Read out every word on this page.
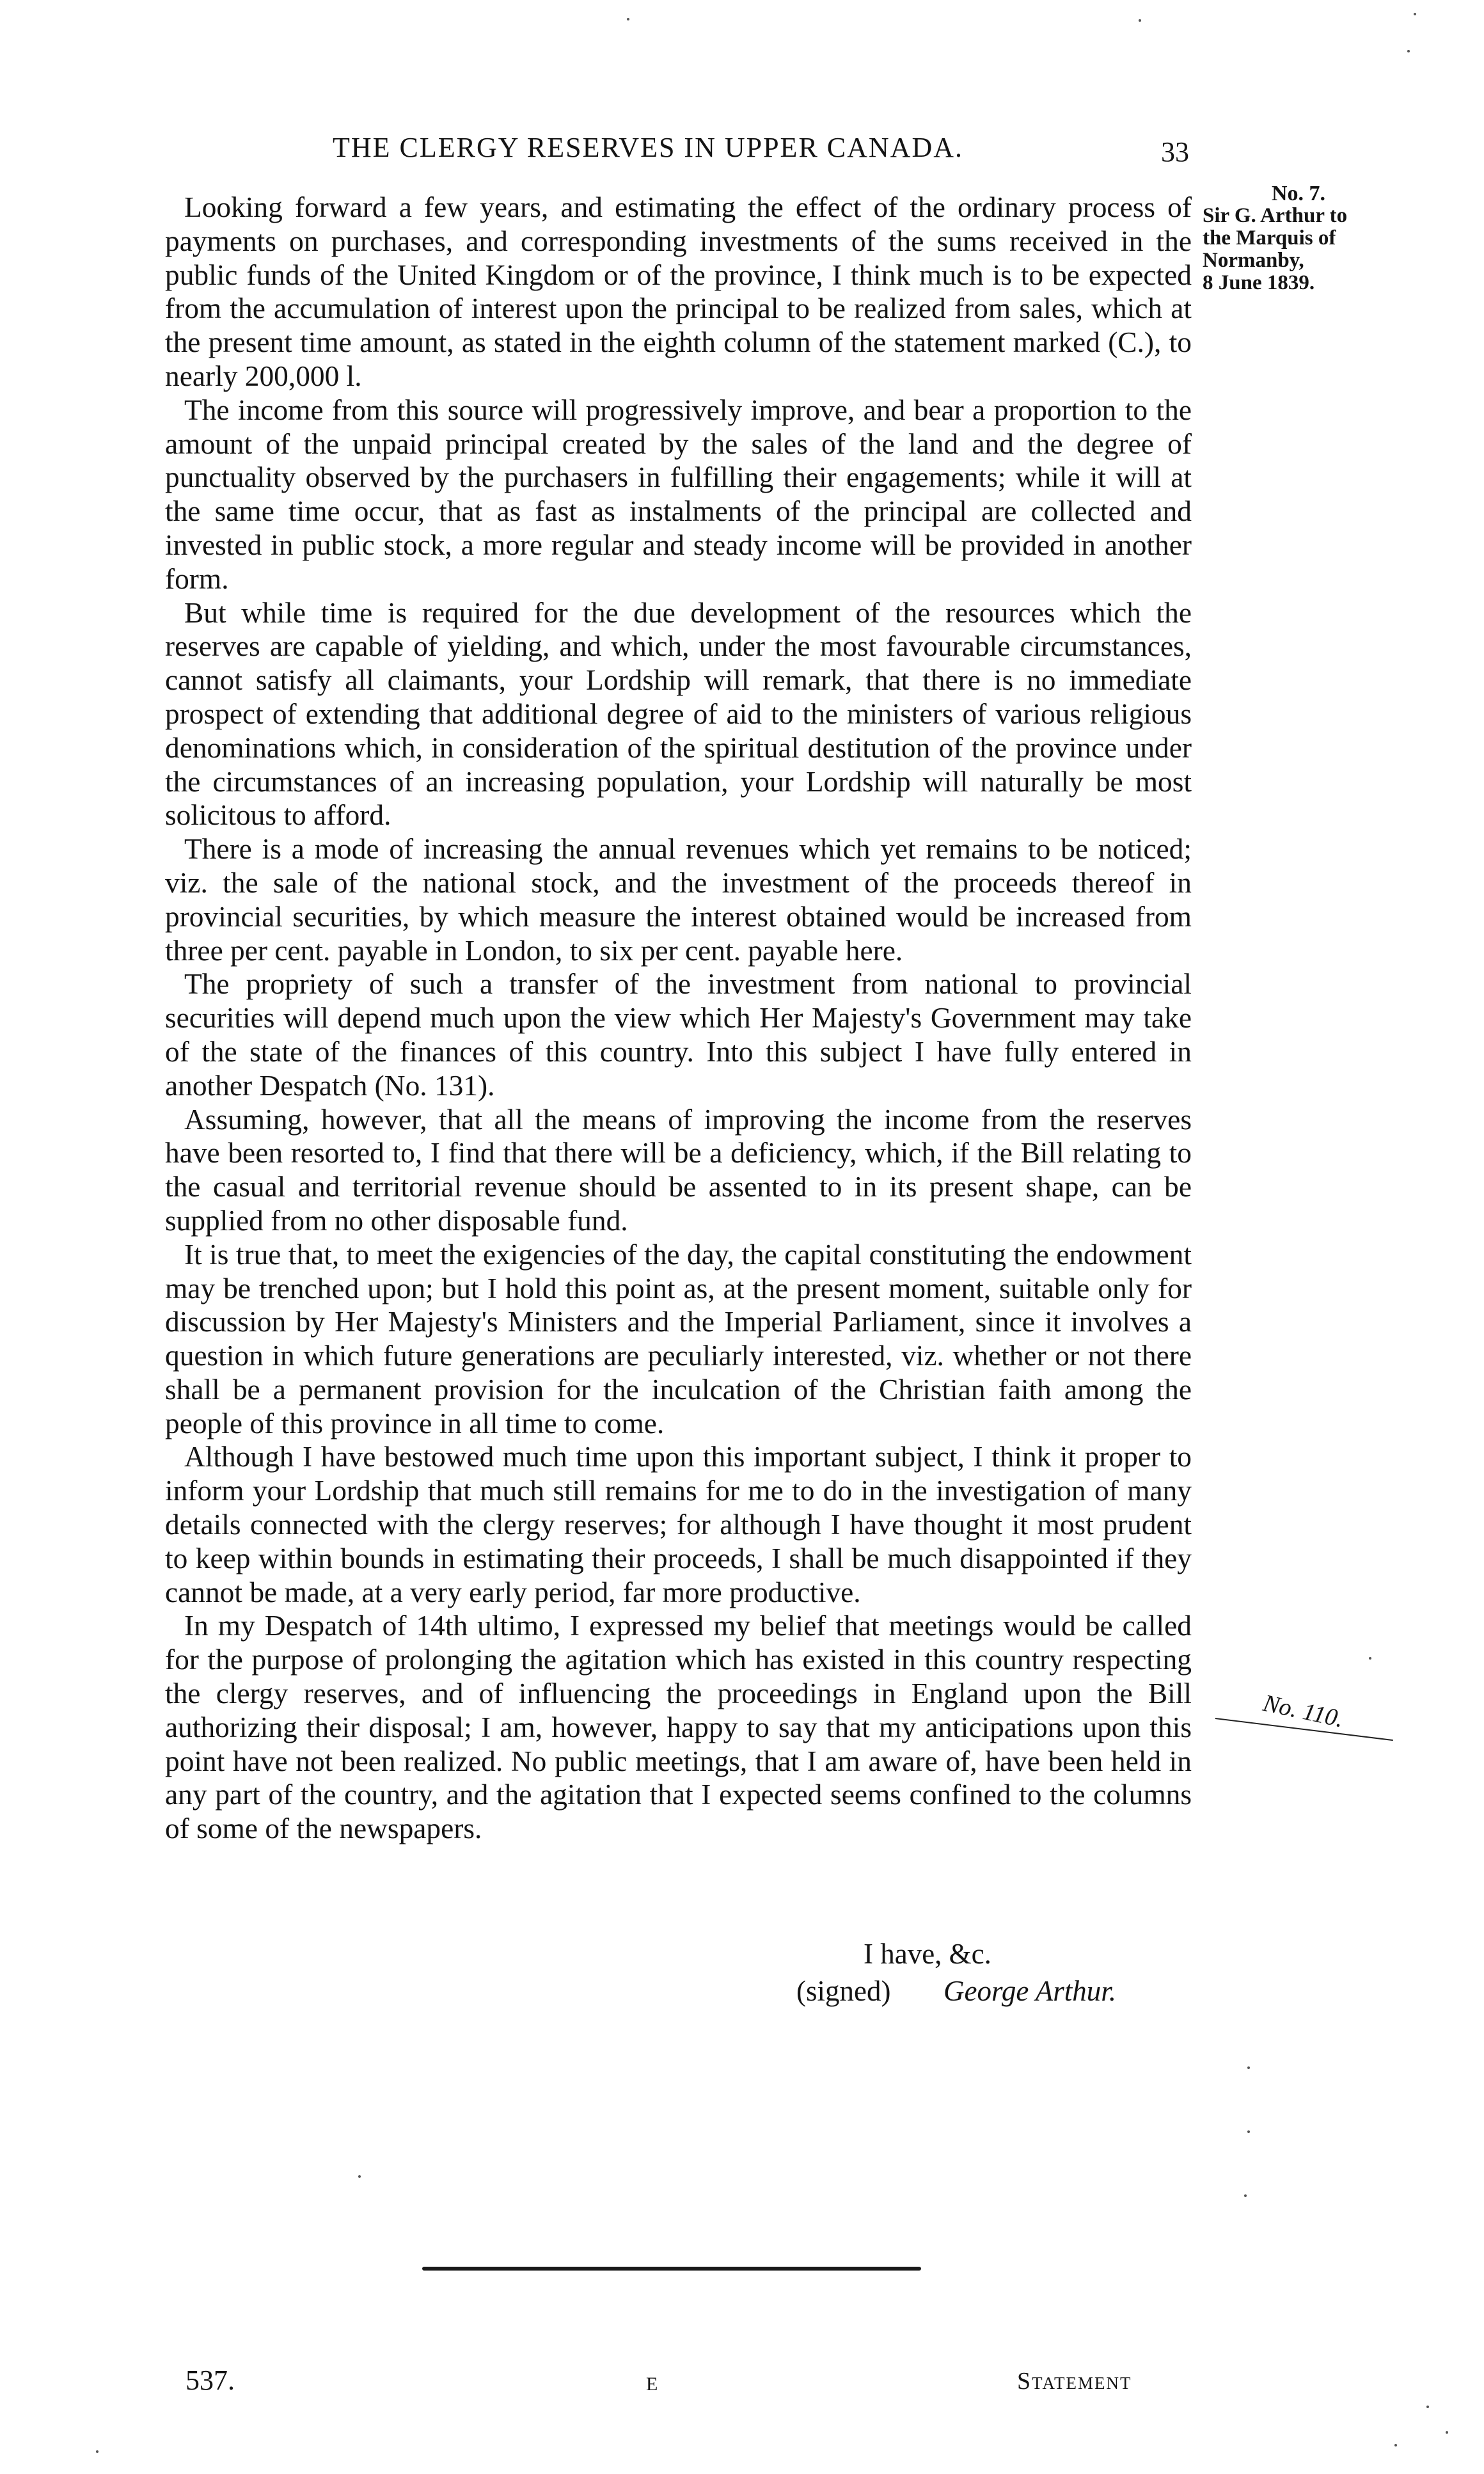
THE CLERGY RESERVES IN UPPER CANADA.	33
No. 7.
Sir G. Arthur to
the Marquis of
Normanby,
8 June 1839.

Looking forward a few years, and estimating the effect of the ordinary process of payments on purchases, and corresponding investments of the sums received in the public funds of the United Kingdom or of the province, I think much is to be expected from the accumulation of interest upon the principal to be realized from sales, which at the present time amount, as stated in the eighth column of the statement marked (C.), to nearly 200,000 l.

The income from this source will progressively improve, and bear a proportion to the amount of the unpaid principal created by the sales of the land and the degree of punctuality observed by the purchasers in fulfilling their engagements; while it will at the same time occur, that as fast as instalments of the principal are collected and invested in public stock, a more regular and steady income will be provided in another form.

But while time is required for the due development of the resources which the reserves are capable of yielding, and which, under the most favourable circumstances, cannot satisfy all claimants, your Lordship will remark, that there is no immediate prospect of extending that additional degree of aid to the ministers of various religious denominations which, in consideration of the spiritual destitution of the province under the circumstances of an increasing population, your Lordship will naturally be most solicitous to afford.

There is a mode of increasing the annual revenues which yet remains to be noticed; viz. the sale of the national stock, and the investment of the proceeds thereof in provincial securities, by which measure the interest obtained would be increased from three per cent. payable in London, to six per cent. payable here.

The propriety of such a transfer of the investment from national to provincial securities will depend much upon the view which Her Majesty's Government may take of the state of the finances of this country. Into this subject I have fully entered in another Despatch (No. 131).

Assuming, however, that all the means of improving the income from the reserves have been resorted to, I find that there will be a deficiency, which, if the Bill relating to the casual and territorial revenue should be assented to in its present shape, can be supplied from no other disposable fund.

It is true that, to meet the exigencies of the day, the capital constituting the endowment may be trenched upon; but I hold this point as, at the present moment, suitable only for discussion by Her Majesty's Ministers and the Imperial Parliament, since it involves a question in which future generations are peculiarly interested, viz. whether or not there shall be a permanent provision for the inculcation of the Christian faith among the people of this province in all time to come.

Although I have bestowed much time upon this important subject, I think it proper to inform your Lordship that much still remains for me to do in the investigation of many details connected with the clergy reserves; for although I have thought it most prudent to keep within bounds in estimating their proceeds, I shall be much disappointed if they cannot be made, at a very early period, far more productive.

In my Despatch of 14th ultimo, I expressed my belief that meetings would be called for the purpose of prolonging the agitation which has existed in this country respecting the clergy reserves, and of influencing the proceedings in England upon the Bill authorizing their disposal; I am, however, happy to say that my anticipations upon this point have not been realized. No public meetings, that I am aware of, have been held in any part of the country, and the agitation that I expected seems confined to the columns of some of the newspapers.

No. 110.
I have, &c.
(signed) George Arthur.
537.	E	Statement
